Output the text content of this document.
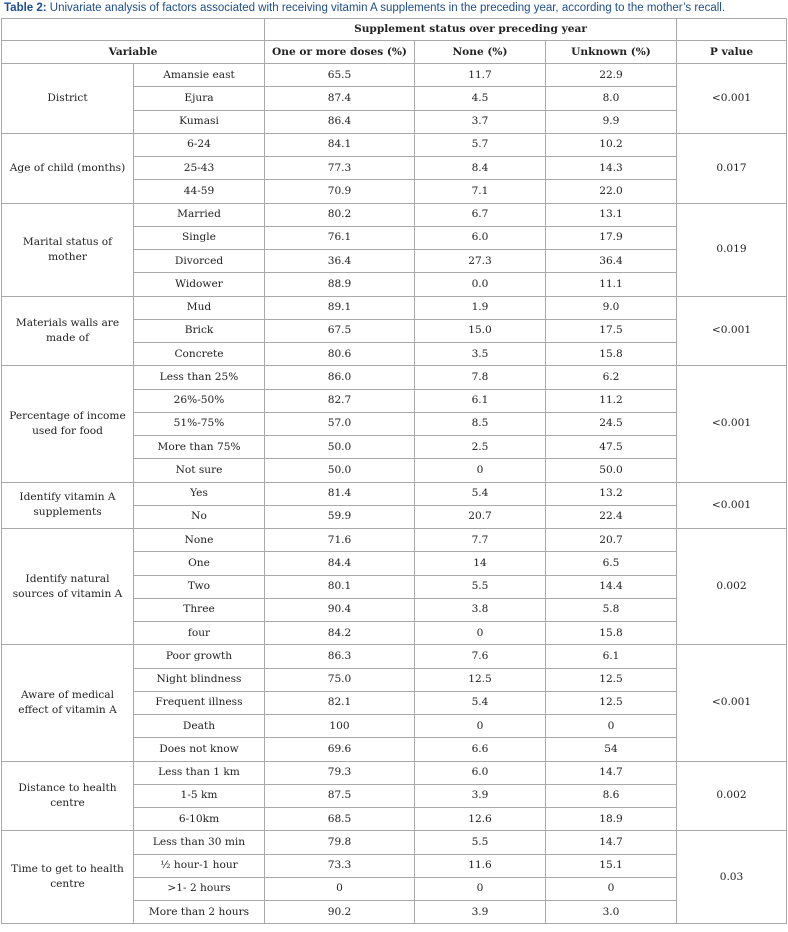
Table 2: Univariate analysis of factors associated with receiving vitamin A supplements in the preceding year, according to the mother’s recall.
		Supplement status over preceding year			
Variable		One or more doses (%)	None (%)	Unknown (%)	P value
District	Amansie east	65.5	11.7	22.9	<0.001
	Ejura	87.4	4.5	8.0	
	Kumasi	86.4	3.7	9.9	
Age of child (months)	6-24	84.1	5.7	10.2	0.017
	25-43	77.3	8.4	14.3	
	44-59	70.9	7.1	22.0	
Marital status of mother	Married	80.2	6.7	13.1	0.019
	Single	76.1	6.0	17.9	
	Divorced	36.4	27.3	36.4	
	Widower	88.9	0.0	11.1	
Materials walls are made of	Mud	89.1	1.9	9.0	<0.001
	Brick	67.5	15.0	17.5	
	Concrete	80.6	3.5	15.8	
Percentage of income used for food	Less than 25%	86.0	7.8	6.2	<0.001
	26%-50%	82.7	6.1	11.2	
	51%-75%	57.0	8.5	24.5	
	More than 75%	50.0	2.5	47.5	
	Not sure	50.0	0	50.0	
Identify vitamin A supplements	Yes	81.4	5.4	13.2	<0.001
	No	59.9	20.7	22.4	
Identify natural sources of vitamin A	None	71.6	7.7	20.7	0.002
	One	84.4	14	6.5	
	Two	80.1	5.5	14.4	
	Three	90.4	3.8	5.8	
	four	84.2	0	15.8	
Aware of medical effect of vitamin A	Poor growth	86.3	7.6	6.1	<0.001
	Night blindness	75.0	12.5	12.5	
	Frequent illness	82.1	5.4	12.5	
	Death	100	0	0	
	Does not know	69.6	6.6	54	
Distance to health centre	Less than 1 km	79.3	6.0	14.7	0.002
	1-5 km	87.5	3.9	8.6	
	6-10km	68.5	12.6	18.9	
Time to get to health centre	Less than 30 min	79.8	5.5	14.7	0.03
	½ hour-1 hour	73.3	11.6	15.1	
	>1- 2 hours	0	0	0	
	More than 2 hours	90.2	3.9	3.0	
